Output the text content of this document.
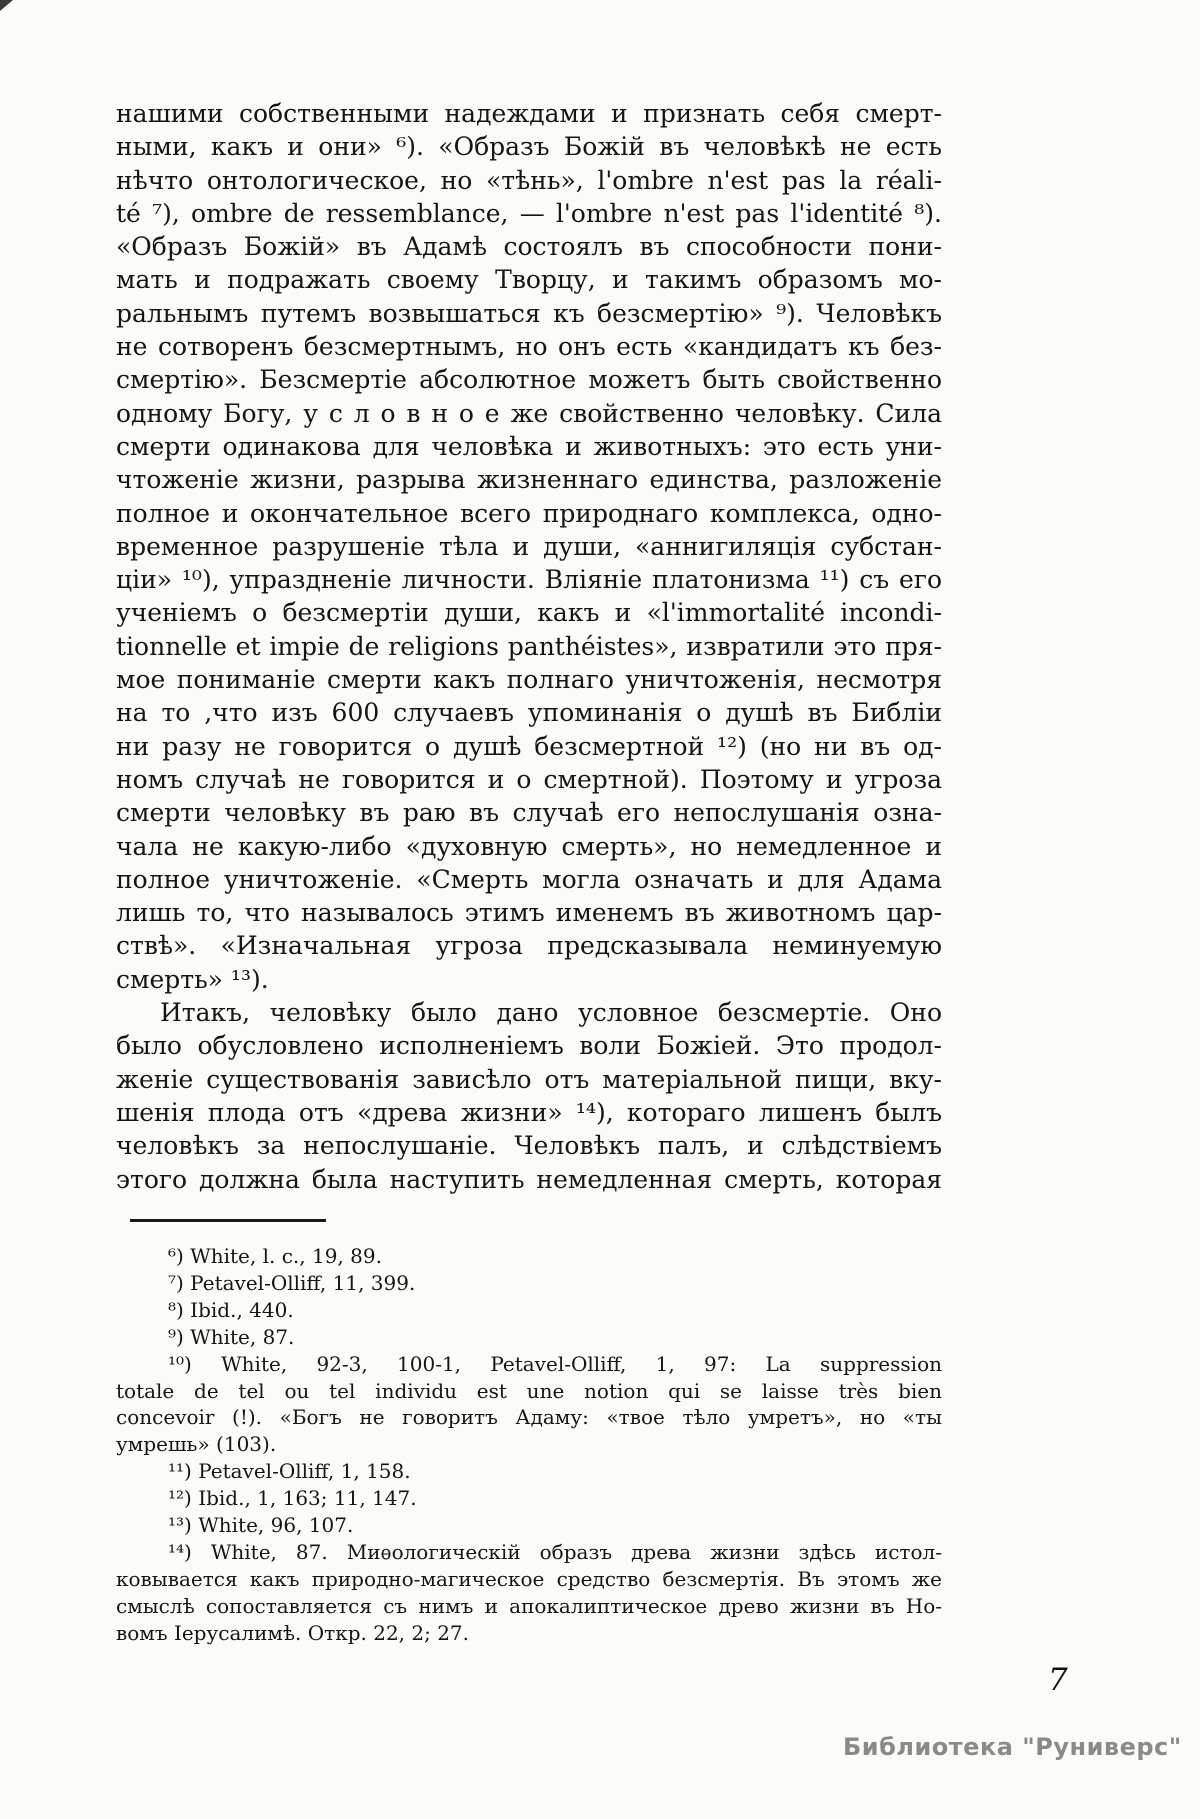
нашими собственными надеждами и признать себя смерт-
ными, какъ и они» ⁶). «Образъ Божій въ человѣкѣ не есть
нѣчто онтологическое, но «тѣнь», l'ombre n'est pas la réali-
té ⁷), ombre de ressemblance, — l'ombre n'est pas l'identité ⁸).
«Образъ Божій» въ Адамѣ состоялъ въ способности пони-
мать и подражать своему Творцу, и такимъ образомъ мо-
ральнымъ путемъ возвышаться къ безсмертію» ⁹). Человѣкъ
не сотворенъ безсмертнымъ, но онъ есть «кандидатъ къ без-
смертію». Безсмертіе абсолютное можетъ быть свойственно
одному Богу, у с л о в н о е же свойственно человѣку. Сила
смерти одинакова для человѣка и животныхъ: это есть уни-
чтоженіе жизни, разрыва жизненнаго единства, разложеніе
полное и окончательное всего природнаго комплекса, одно-
временное разрушеніе тѣла и души, «аннигиляція субстан-
ціи» ¹⁰), упраздненіе личности. Вліяніе платонизма ¹¹) съ его
ученіемъ о безсмертіи души, какъ и «l'immortalité incondi-
tionnelle et impie de religions panthéistes», извратили это пря-
мое пониманіе смерти какъ полнаго уничтоженія, несмотря
на то ,что изъ 600 случаевъ упоминанія о душѣ въ Библіи
ни разу не говорится о душѣ безсмертной ¹²) (но ни въ од-
номъ случаѣ не говорится и о смертной). Поэтому и угроза
смерти человѣку въ раю въ случаѣ его непослушанія озна-
чала не какую-либо «духовную смерть», но немедленное и
полное уничтоженіе. «Смерть могла означать и для Адама
лишь то, что называлось этимъ именемъ въ животномъ цар-
ствѣ». «Изначальная угроза предсказывала неминуемую
смерть» ¹³).
Итакъ, человѣку было дано условное безсмертіе. Оно
было обусловлено исполненіемъ воли Божіей. Это продол-
женіе существованія зависѣло отъ матеріальной пищи, вку-
шенія плода отъ «древа жизни» ¹⁴), котораго лишенъ былъ
человѣкъ за непослушаніе. Человѣкъ палъ, и слѣдствіемъ
этого должна была наступить немедленная смерть, которая
⁶) White, l. c., 19, 89.
⁷) Petavel-Olliff, 11, 399.
⁸) Ibid., 440.
⁹) White, 87.
¹⁰) White, 92-3, 100-1, Petavel-Olliff, 1, 97: La suppression
totale de tel ou tel individu est une notion qui se laisse très bien
concevoir (!). «Богъ не говоритъ Адаму: «твое тѣло умретъ», но «ты
умрешь» (103).
¹¹) Petavel-Olliff, 1, 158.
¹²) Ibid., 1, 163; 11, 147.
¹³) White, 96, 107.
¹⁴) White, 87. Миѳологическій образъ древа жизни здѣсь истол-
ковывается какъ природно-магическое средство безсмертія. Въ этомъ же
смыслѣ сопоставляется съ нимъ и апокалиптическое древо жизни въ Но-
вомъ Іерусалимѣ. Откр. 22, 2; 27.
7
Библиотека "Руниверс"
